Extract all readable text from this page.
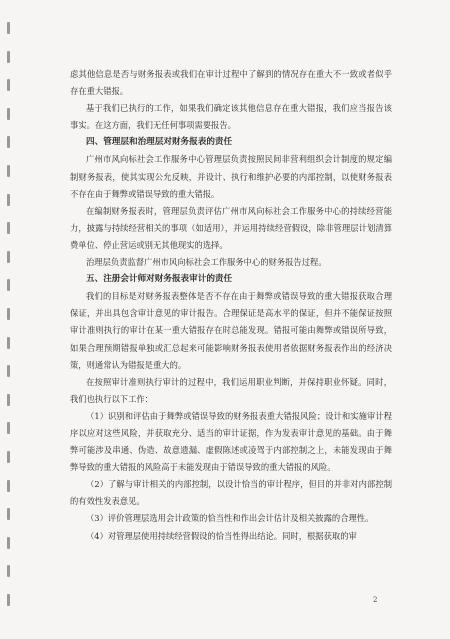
虑其他信息是否与财务报表或我们在审计过程中了解到的情况存在重大不一致或者似乎存在重大错报。

基于我们已执行的工作，如果我们确定该其他信息存在重大错报，我们应当报告该事实。在这方面，我们无任何事项需要报告。

四、管理层和治理层对财务报表的责任

广州市风向标社会工作服务中心管理层负责按照民间非营利组织会计制度的规定编制财务报表，使其实现公允反映，并设计、执行和维护必要的内部控制，以使财务报表不存在由于舞弊或错误导致的重大错报。

在编制财务报表时，管理层负责评估广州市风向标社会工作服务中心的持续经营能力，披露与持续经营相关的事项（如适用），并运用持续经营假设，除非管理层计划清算费单位、停止营运或别无其他现实的选择。

治理层负责监督广州市风向标社会工作服务中心的财务报告过程。

五、注册会计师对财务报表审计的责任

我们的目标是对财务报表整体是否不存在由于舞弊或错误导致的重大错报获取合理保证，并出具包含审计意见的审计报告。合理保证是高水平的保证，但并不能保证按照审计准则执行的审计在某一重大错报存在时总能发现。错报可能由舞弊或错误所导致，如果合理预期错报单独或汇总起来可能影响财务报表使用者依据财务报表作出的经济决策，则通常认为错报是重大的。

在按照审计准则执行审计的过程中，我们运用职业判断，并保持职业怀疑。同时，我们也执行以下工作：

（1）识别和评估由于舞弊或错误导致的财务报表重大错报风险；设计和实施审计程序以应对这些风险，并获取充分、适当的审计证据，作为发表审计意见的基础。由于舞弊可能涉及串通、伪造、故意遗漏、虚假陈述或凌驾于内部控制之上，未能发现由于舞弊导致的重大错报的风险高于未能发现由于错误导致的重大错报的风险。

（2）了解与审计相关的内部控制，以设计恰当的审计程序，但目的并非对内部控制的有效性发表意见。

（3）评价管理层选用会计政策的恰当性和作出会计估计及相关披露的合理性。

（4）对管理层使用持续经营假设的恰当性得出结论。同时，根据获取的审

2
